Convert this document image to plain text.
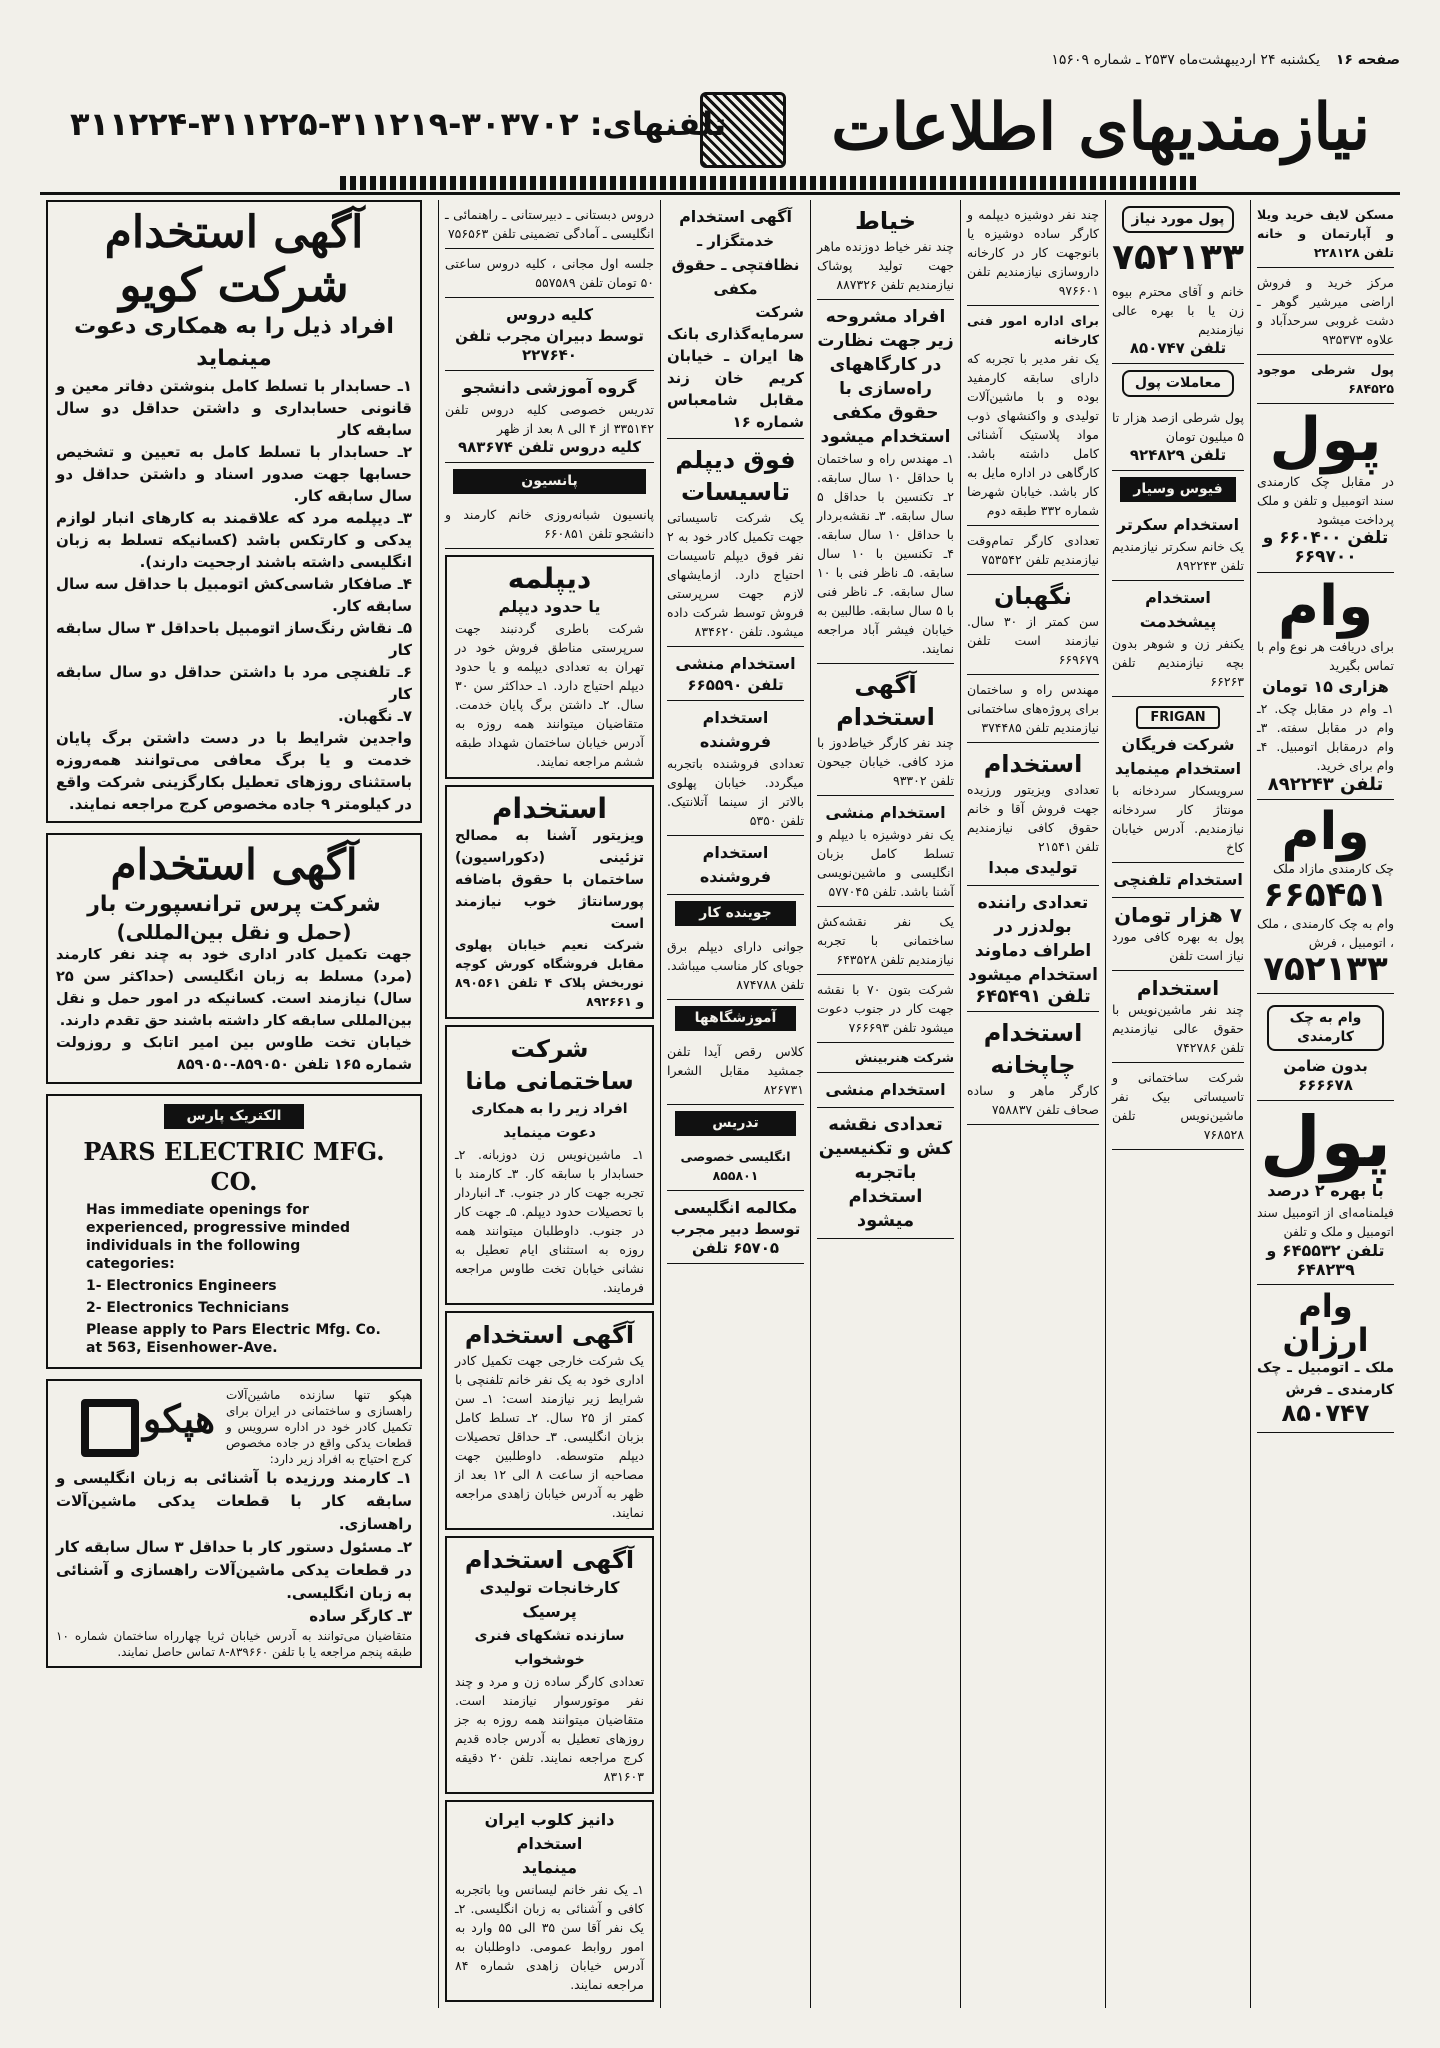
صفحه ۱۶
یکشنبه ۲۴ اردیبهشت‌ماه ۲۵۳۷ ـ شماره ۱۵۶۰۹
نیازمندیهای اطلاعات
تلفنهای: ۳۰۳۷۰۲-۳۱۱۲۱۹-۳۱۱۲۲۵-۳۱۱۲۲۴
مسکن لایف خرید ویلا و آپارتمان و خانه تلفن ۲۲۸۱۲۸
مرکز خرید و فروش اراضی میرشیر گوهر ـ دشت غروبی سرحدآباد و علاوه ۹۳۵۳۷۳
پول شرطی موجود ۶۸۴۵۲۵
پول
در مقابل چک کارمندی سند اتومبیل و تلفن و ملک پرداخت میشود
تلفن ۶۶۰۴۰۰ و ۶۶۹۷۰۰
وام
برای دریافت هر نوع وام با تماس بگیرید
هزاری ۱۵ تومان
۱ـ وام در مقابل چک. ۲ـ وام در مقابل سفته. ۳ـ وام درمقابل اتومبیل. ۴ـ وام برای خرید.
تلفن ۸۹۲۲۴۳
وام
چک کارمندی مازاد ملک
۶۶۵۴۵۱
وام به چک کارمندی ، ملک ، اتومبیل ، فرش
۷۵۲۱۳۳
وام به چک کارمندی
بدون ضامن ۶۶۶۶۷۸
پول
با بهره ۲ درصد
فیلمنامه‌ای از اتومبیل سند اتومبیل و ملک و تلفن
تلفن ۶۴۵۵۳۲ و ۶۴۸۲۳۹
وام ارزان
ملک ـ اتومبیل ـ چک کارمندی ـ فرش
۸۵۰۷۴۷
پول مورد نیاز
۷۵۲۱۳۳
خانم و آقای محترم بیوه زن یا با بهره عالی نیازمندیم
تلفن ۸۵۰۷۴۷
معاملات پول
پول شرطی ازصد هزار تا ۵ میلیون تومان
تلفن ۹۲۴۸۲۹
فیوس وسیار
استخدام سکرتر
یک خانم سکرتر نیازمندیم تلفن ۸۹۲۲۴۳
استخدام پیشخدمت
یکنفر زن و شوهر بدون بچه نیازمندیم تلفن ۶۶۲۶۳
FRIGAN
شرکت فریگان استخدام مینماید
سرویسکار سردخانه با مونتاژ کار سردخانه نیازمندیم. آدرس خیابان کاخ
استخدام تلفنچی
۷ هزار تومان
پول به بهره کافی مورد نیاز است تلفن
استخدام
چند نفر ماشین‌نویس با حقوق عالی نیازمندیم تلفن ۷۴۲۷۸۶
شرکت ساختمانی و تاسیساتی بیک نفر ماشین‌نویس تلفن ۷۶۸۵۲۸
چند نفر دوشیزه دیپلمه و کارگر ساده دوشیزه یا بانوجهت کار در کارخانه داروسازی نیازمندیم تلفن ۹۷۶۶۰۱
برای اداره امور فنی کارخانه
یک نفر مدیر با تجربه که دارای سابقه کارمفید بوده و با ماشین‌آلات تولیدی و واکنشهای ذوب مواد پلاستیک آشنائی کامل داشته باشد. کارگاهی در اداره مایل به کار باشد. خیابان شهرضا شماره ۳۳۲ طبقه دوم
تعدادی کارگر تمام‌وقت نیازمندیم تلفن ۷۵۳۵۴۲
نگهبان
سن کمتر از ۳۰ سال. نیازمند است تلفن ۶۶۹۶۷۹
مهندس راه و ساختمان برای پروژه‌های ساختمانی نیازمندیم تلفن ۳۷۴۴۸۵
استخدام
تعدادی ویزیتور ورزیده جهت فروش آقا و خانم حقوق کافی نیازمندیم تلفن ۲۱۵۴۱
تولیدی مبدا
تعدادی راننده بولدزر در اطراف دماوند استخدام میشود
تلفن ۶۴۵۴۹۱
استخدام چاپخانه
کارگر ماهر و ساده صحاف تلفن ۷۵۸۸۳۷
خیاط
چند نفر خیاط دوزنده ماهر جهت تولید پوشاک نیازمندیم تلفن ۸۸۷۳۲۶
افراد مشروحه زیر جهت نظارت در کارگاههای راه‌سازی با حقوق مکفی استخدام میشود
۱ـ مهندس راه و ساختمان با حداقل ۱۰ سال سابقه. ۲ـ تکنسین با حداقل ۵ سال سابقه. ۳ـ نقشه‌بردار با حداقل ۱۰ سال سابقه. ۴ـ تکنسین با ۱۰ سال سابقه. ۵ـ ناظر فنی با ۱۰ سال سابقه. ۶ـ ناظر فنی با ۵ سال سابقه. طالبین به خیابان فیشر آباد مراجعه نمایند.
آگهی استخدام
چند نفر کارگر خیاط‌دوز با مزد کافی. خیابان جیحون تلفن ۹۳۳۰۲
استخدام منشی
یک نفر دوشیزه با دیپلم و تسلط کامل بزبان انگلیسی و ماشین‌نویسی آشنا باشد. تلفن ۵۷۷۰۴۵
یک نفر نقشه‌کش ساختمانی با تجربه نیازمندیم تلفن ۶۴۳۵۲۸
شرکت بتون ۷۰ با نقشه جهت کار در جنوب دعوت میشود تلفن ۷۶۶۶۹۳
شرکت هنربینش
استخدام منشی
تعدادی نقشه کش و تکنیسین باتجربه استخدام میشود
آگهی استخدام
خدمتگزار ـ نظافتچی ـ حقوق مکفی
شرکت سرمایه‌گذاری بانک ها ایران ـ خیابان کریم خان زند مقابل شامعباس شماره ۱۶
فوق دیپلم تاسیسات
یک شرکت تاسیساتی جهت تکمیل کادر خود به ۲ نفر فوق دیپلم تاسیسات احتیاج دارد. ازمایشهای لازم جهت سرپرستی فروش توسط شرکت داده میشود. تلفن ۸۳۴۶۲۰
استخدام منشی
تلفن ۶۶۵۵۹۰
استخدام فروشنده
تعدادی فروشنده باتجربه میگردد. خیابان پهلوی بالاتر از سینما آتلانتیک. تلفن ۵۳۵۰
استخدام فروشنده
جوینده کار
جوانی دارای دیپلم برق جویای کار مناسب میباشد. تلفن ۸۷۴۷۸۸
آموزشگاهها
کلاس رقص آیدا تلفن جمشید مقابل الشعرا ۸۲۶۷۳۱
تدریس
انگلیسی خصوصی ۸۵۵۸۰۱
مکالمه انگلیسی
توسط دبیر مجرب ۶۵۷۰۵ تلفن
دروس دبستانی ـ دبیرستانی ـ راهنمائی ـ انگلیسی ـ آمادگی تضمینی تلفن ۷۵۶۵۶۳
جلسه اول مجانی ، کلیه دروس ساعتی ۵۰ تومان تلفن ۵۵۷۵۸۹
کلیه دروس
توسط دبیران مجرب تلفن ۲۲۷۶۴۰
گروه آموزشی دانشجو
تدریس خصوصی کلیه دروس تلفن ۳۳۵۱۴۲ از ۴ الی ۸ بعد از ظهر
کلیه دروس تلفن ۹۸۳۶۷۴
پانسیون
پانسیون شبانه‌روزی خانم کارمند و دانشجو تلفن ۶۶۰۸۵۱
دیپلمه
یا حدود دیپلم
شرکت باطری گردنبند جهت سرپرستی مناطق فروش خود در تهران به تعدادی دیپلمه و یا حدود دیپلم احتیاج دارد. ۱ـ حداکثر سن ۳۰ سال. ۲ـ داشتن برگ پایان خدمت. متقاضیان میتوانند همه روزه به آدرس خیابان ساختمان شهداد طبقه ششم مراجعه نمایند.
استخدام
ویزیتور آشنا به مصالح تزئینی (دکوراسیون) ساختمان با حقوق باضافه پورسانتاژ خوب نیازمند است
شرکت نعیم خیابان پهلوی مقابل فروشگاه کورش کوچه نوربخش پلاک ۴ تلفن ۸۹۰۵۶۱ و ۸۹۲۶۶۱
شرکت ساختمانی مانا
افراد زیر را به همکاری دعوت مینماید
۱ـ ماشین‌نویس زن دوزبانه. ۲ـ حسابدار با سابقه کار. ۳ـ کارمند با تجربه جهت کار در جنوب. ۴ـ انباردار با تحصیلات حدود دیپلم. ۵ـ جهت کار در جنوب. داوطلبان میتوانند همه روزه به استثنای ایام تعطیل به نشانی خیابان تخت طاوس مراجعه فرمایند.
آگهی استخدام
یک شرکت خارجی جهت تکمیل کادر اداری خود به یک نفر خانم تلفنچی با شرایط زیر نیازمند است: ۱ـ سن کمتر از ۲۵ سال. ۲ـ تسلط کامل بزبان انگلیسی. ۳ـ حداقل تحصیلات دیپلم متوسطه. داوطلبین جهت مصاحبه از ساعت ۸ الی ۱۲ بعد از ظهر به آدرس خیابان زاهدی مراجعه نمایند.
آگهی استخدام
کارخانجات تولیدی پرسیک
سازنده تشکهای فنری خوشخواب
تعدادی کارگر ساده زن و مرد و چند نفر موتورسوار نیازمند است. متقاضیان میتوانند همه روزه به جز روزهای تعطیل به آدرس جاده قدیم کرج مراجعه نمایند. تلفن ۲۰ دقیقه ۸۳۱۶۰۳
دانیز کلوب ایران استخدام
مینماید
۱ـ یک نفر خانم لیسانس ویا باتجربه کافی و آشنائی به زبان انگلیسی. ۲ـ یک نفر آقا سن ۳۵ الی ۵۵ وارد به امور روابط عمومی. داوطلبان به آدرس خیابان زاهدی شماره ۸۴ مراجعه نمایند.
آگهی استخدام
شرکت کویو
افراد ذیل را به همکاری دعوت مینماید
۱ـ حسابدار با تسلط کامل بنوشتن دفاتر معین و قانونی حسابداری و داشتن حداقل دو سال سابقه کار
۲ـ حسابدار با تسلط کامل به تعیین و تشخیص حسابها جهت صدور اسناد و داشتن حداقل دو سال سابقه کار.
۳ـ دیپلمه مرد که علاقمند به کارهای انبار لوازم یدکی و کارتکس باشد (کسانیکه تسلط به زبان انگلیسی داشته باشند ارجحیت دارند).
۴ـ صافکار شاسی‌کش اتومبیل با حداقل سه سال سابقه کار.
۵ـ نقاش رنگ‌ساز اتومبیل باحداقل ۳ سال سابقه کار
۶ـ تلفنچی مرد با داشتن حداقل دو سال سابقه کار
۷ـ نگهبان.
واجدین شرایط با در دست داشتن برگ پایان خدمت و یا برگ معافی می‌توانند همه‌روزه باستثنای روزهای تعطیل بکارگزینی شرکت واقع در کیلومتر ۹ جاده مخصوص کرج مراجعه نمایند.
آگهی استخدام
شرکت پرس ترانسپورت بار
(حمل و نقل بین‌المللی)
جهت تکمیل کادر اداری خود به چند نفر کارمند (مرد) مسلط به زبان انگلیسی (حداکثر سن ۲۵ سال) نیازمند است. کسانیکه در امور حمل و نقل بین‌المللی سابقه کار داشته باشند حق تقدم دارند.
خیابان تخت طاوس بین امیر اتابک و روزولت شماره ۱۶۵ تلفن ۸۵۹۰۵۰-۸۵۹۰۵۰
الکتریک پارس
PARS ELECTRIC MFG. CO.

Has immediate openings for experienced, progressive minded individuals in the following categories:

1- Electronics Engineers

2- Electronics Technicians

Please apply to Pars Electric Mfg. Co. at 563, Eisenhower-Ave.

هپکو تنها سازنده ماشین‌آلات راهسازی و ساختمانی در ایران برای تکمیل کادر خود در اداره سرویس و قطعات یدکی واقع در جاده مخصوص کرج احتیاج به افراد زیر دارد:
هپکو
۱ـ کارمند ورزیده با آشنائی به زبان انگلیسی و سابقه کار با قطعات یدکی ماشین‌آلات راهسازی.
۲ـ مسئول دستور کار با حداقل ۳ سال سابقه کار در قطعات یدکی ماشین‌آلات راهسازی و آشنائی به زبان انگلیسی.
۳ـ کارگر ساده
متقاضیان می‌توانند به آدرس خیابان ثریا چهارراه ساختمان شماره ۱۰ طبقه پنجم مراجعه یا با تلفن ۸۳۹۶۶۰-۸ تماس حاصل نمایند.
